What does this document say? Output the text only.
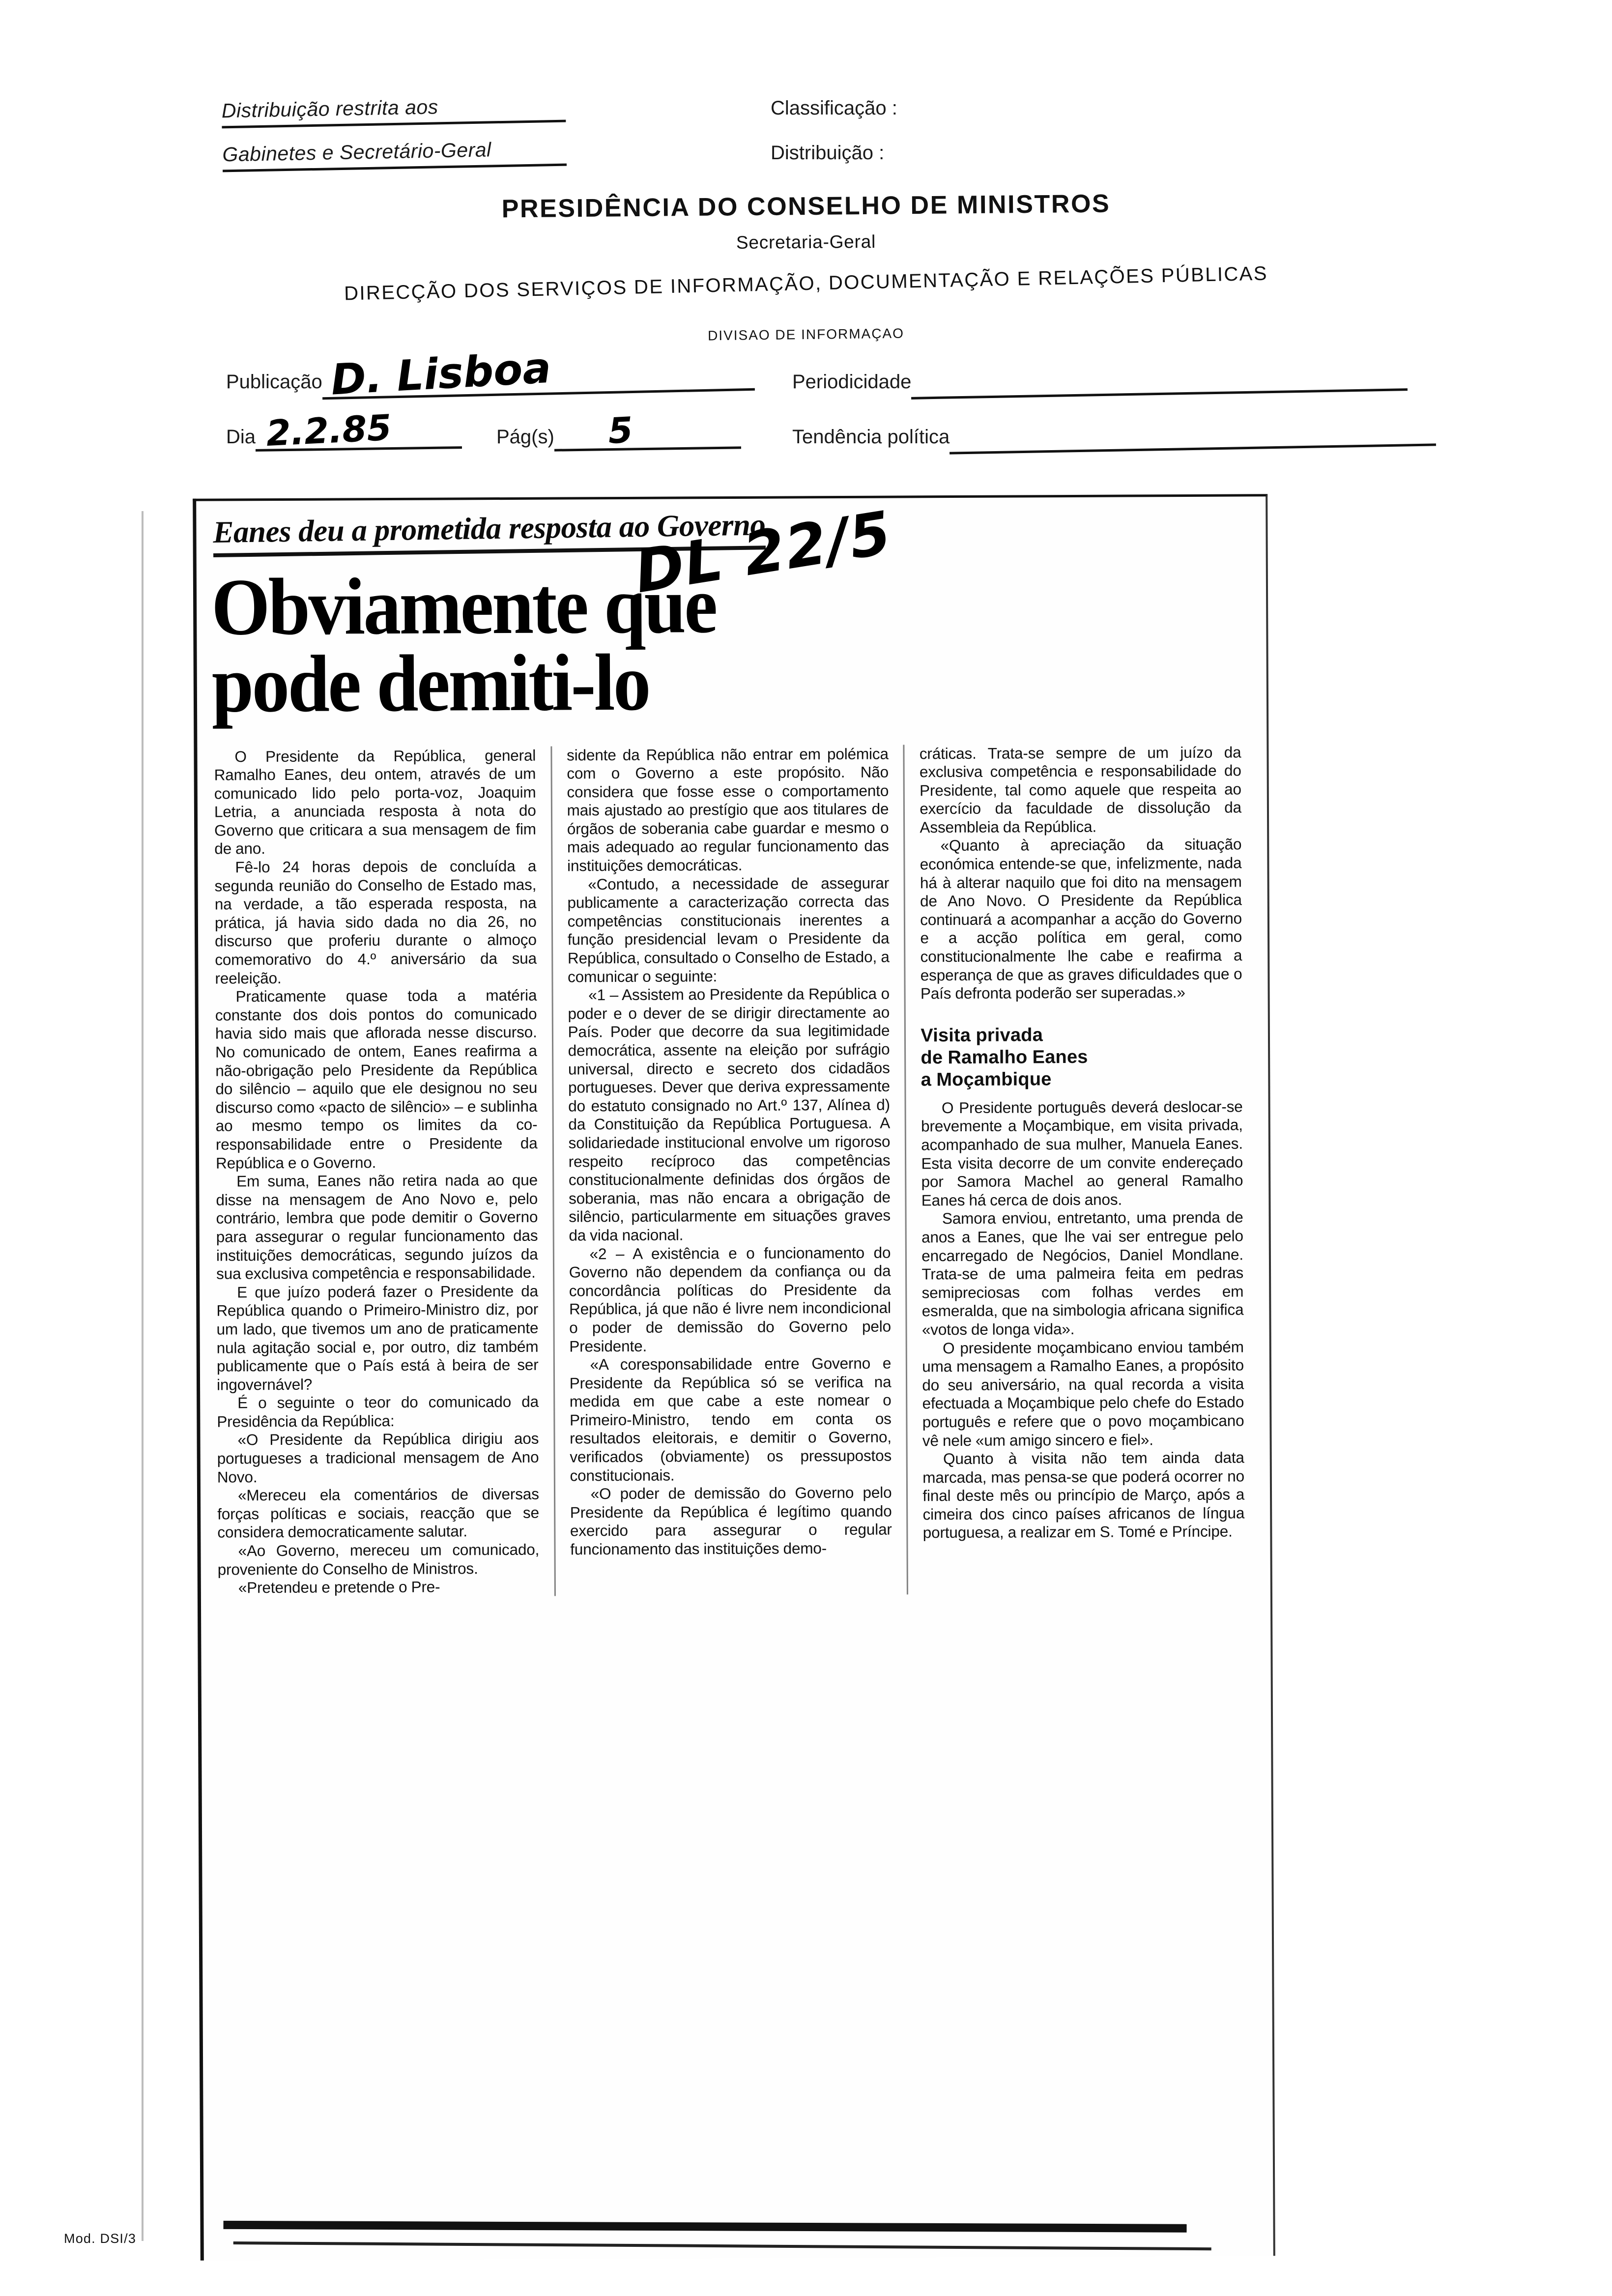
Distribuição restrita aos
Gabinetes e Secretário-Geral
Classificação :
Distribuição :
PRESIDÊNCIA DO CONSELHO DE MINISTROS
Secretaria-Geral
DIRECÇÃO DOS SERVIÇOS DE INFORMAÇÃO, DOCUMENTAÇÃO E RELAÇÕES PÚBLICAS
DIVISAO DE INFORMAÇAO
Publicação D. Lisboa	Periodicidade
Dia 2.2.85	Pág(s) 5	Tendência política
Eanes deu a prometida resposta ao Governo
Obviamente que
pode demiti-lo

O Presidente da República, general Ramalho Eanes, deu ontem, através de um comunicado lido pelo porta-voz, Joaquim Letria, a anunciada resposta à nota do Governo que criticara a sua mensagem de fim de ano.

Fê-lo 24 horas depois de concluída a segunda reunião do Conselho de Estado mas, na verdade, a tão esperada resposta, na prática, já havia sido dada no dia 26, no discurso que proferiu durante o almoço comemorativo do 4.º aniversário da sua reeleição.

Praticamente quase toda a matéria constante dos dois pontos do comunicado havia sido mais que aflorada nesse discurso. No comunicado de ontem, Eanes reafirma a não-obrigação pelo Presidente da República do silêncio – aquilo que ele designou no seu discurso como «pacto de silêncio» – e sublinha ao mesmo tempo os limites da co-responsabilidade entre o Presidente da República e o Governo.

Em suma, Eanes não retira nada ao que disse na mensagem de Ano Novo e, pelo contrário, lembra que pode demitir o Governo para assegurar o regular funcionamento das instituições democráticas, segundo juízos da sua exclusiva competência e responsabilidade.

E que juízo poderá fazer o Presidente da República quando o Primeiro-Ministro diz, por um lado, que tivemos um ano de praticamente nula agitação social e, por outro, diz também publicamente que o País está à beira de ser ingovernável?

É o seguinte o teor do comunicado da Presidência da República:

«O Presidente da República dirigiu aos portugueses a tradicional mensagem de Ano Novo.

«Mereceu ela comentários de diversas forças políticas e sociais, reacção que se considera democraticamente salutar.

«Ao Governo, mereceu um comunicado, proveniente do Conselho de Ministros.

«Pretendeu e pretende o Pre-

sidente da República não entrar em polémica com o Governo a este propósito. Não considera que fosse esse o comportamento mais ajustado ao prestígio que aos titulares de órgãos de soberania cabe guardar e mesmo o mais adequado ao regular funcionamento das instituições democráticas.

«Contudo, a necessidade de assegurar publicamente a caracterização correcta das competências constitucionais inerentes a função presidencial levam o Presidente da República, consultado o Conselho de Estado, a comunicar o seguinte:

«1 – Assistem ao Presidente da República o poder e o dever de se dirigir directamente ao País. Poder que decorre da sua legitimidade democrática, assente na eleição por sufrágio universal, directo e secreto dos cidadãos portugueses. Dever que deriva expressamente do estatuto consignado no Art.º 137, Alínea d) da Constituição da República Portuguesa. A solidariedade institucional envolve um rigoroso respeito recíproco das competências constitucionalmente definidas dos órgãos de soberania, mas não encara a obrigação de silêncio, particularmente em situações graves da vida nacional.

«2 – A existência e o funcionamento do Governo não dependem da confiança ou da concordância políticas do Presidente da República, já que não é livre nem incondicional o poder de demissão do Governo pelo Presidente.

«A coresponsabilidade entre Governo e Presidente da República só se verifica na medida em que cabe a este nomear o Primeiro-Ministro, tendo em conta os resultados eleitorais, e demitir o Governo, verificados (obviamente) os pressupostos constitucionais.

«O poder de demissão do Governo pelo Presidente da República é legítimo quando exercido para assegurar o regular funcionamento das instituições demo-

cráticas. Trata-se sempre de um juízo da exclusiva competência e responsabilidade do Presidente, tal como aquele que respeita ao exercício da faculdade de dissolução da Assembleia da República.

«Quanto à apreciação da situação económica entende-se que, infelizmente, nada há à alterar naquilo que foi dito na mensagem de Ano Novo. O Presidente da República continuará a acompanhar a acção do Governo e a acção política em geral, como constitucionalmente lhe cabe e reafirma a esperança de que as graves dificuldades que o País defronta poderão ser superadas.»

Visita privada
de Ramalho Eanes
a Moçambique

O Presidente português deverá deslocar-se brevemente a Moçambique, em visita privada, acompanhado de sua mulher, Manuela Eanes. Esta visita decorre de um convite endereçado por Samora Machel ao general Ramalho Eanes há cerca de dois anos.

Samora enviou, entretanto, uma prenda de anos a Eanes, que lhe vai ser entregue pelo encarregado de Negócios, Daniel Mondlane. Trata-se de uma palmeira feita em pedras semipreciosas com folhas verdes em esmeralda, que na simbologia africana significa «votos de longa vida».

O presidente moçambicano enviou também uma mensagem a Ramalho Eanes, a propósito do seu aniversário, na qual recorda a visita efectuada a Moçambique pelo chefe do Estado português e refere que o povo moçambicano vê nele «um amigo sincero e fiel».

Quanto à visita não tem ainda data marcada, mas pensa-se que poderá ocorrer no final deste mês ou princípio de Março, após a cimeira dos cinco países africanos de língua portuguesa, a realizar em S. Tomé e Príncipe.

DL 22/5
Mod. DSI/3
